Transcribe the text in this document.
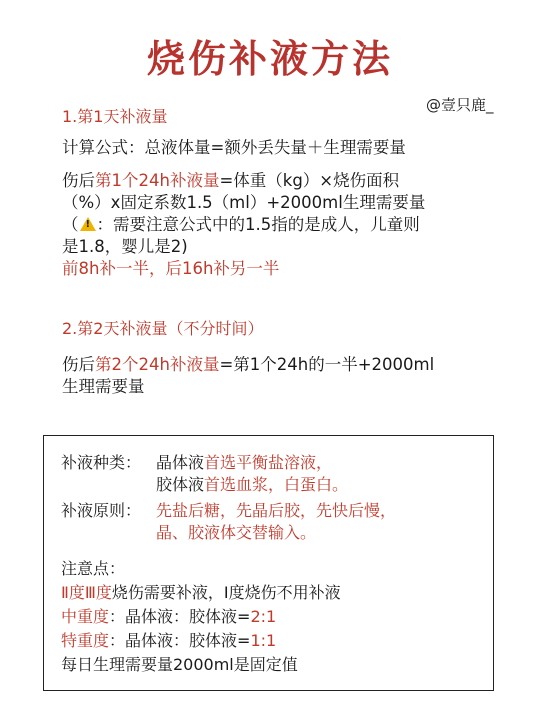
烧伤补液方法
@壹只鹿_
1.第1天补液量
计算公式：总液体量=额外丢失量＋生理需要量
伤后第1个24h补液量=体重（kg）×烧伤面积
（%）x固定系数1.5（ml）+2000ml生理需要量
（! ：需要注意公式中的1.5指的是成人，儿童则
是1.8，婴儿是2)
前8h补一半，后16h补另一半
2.第2天补液量（不分时间）
伤后第2个24h补液量=第1个24h的一半+2000ml
生理需要量
补液种类： 晶体液首选平衡盐溶液，
胶体液首选血浆，白蛋白。
补液原则： 先盐后糖，先晶后胶，先快后慢，
晶、胶液体交替输入。
注意点：
Ⅱ度Ⅲ度烧伤需要补液，Ⅰ度烧伤不用补液
中重度：晶体液：胶体液=2:1
特重度：晶体液：胶体液=1:1
每日生理需要量2000ml是固定值
